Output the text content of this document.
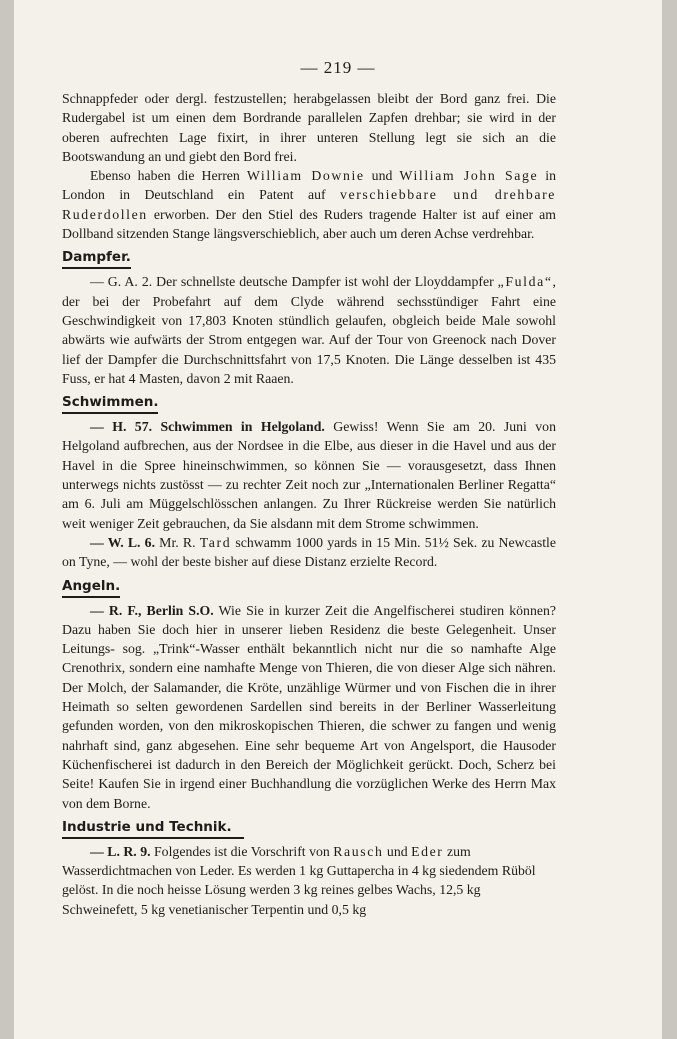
— 219 —

Schnappfeder oder dergl. festzustellen; herabgelassen bleibt der Bord ganz frei. Die Rudergabel ist um einen dem Bordrande parallelen Zapfen drehbar; sie wird in der oberen aufrechten Lage fixirt, in ihrer unteren Stellung legt sie sich an die Bootswandung an und giebt den Bord frei.

Ebenso haben die Herren William Downie und William John Sage in London in Deutschland ein Patent auf verschiebbare und drehbare Ruderdollen erworben. Der den Stiel des Ruders tragende Halter ist auf einer am Dollband sitzenden Stange längsverschieblich, aber auch um deren Achse verdrehbar.

Dampfer.

— G. A. 2. Der schnellste deutsche Dampfer ist wohl der Lloyddampfer „Fulda“, der bei der Probefahrt auf dem Clyde während sechsstündiger Fahrt eine Geschwindigkeit von 17,803 Knoten stündlich gelaufen, obgleich beide Male sowohl abwärts wie aufwärts der Strom entgegen war. Auf der Tour von Greenock nach Dover lief der Dampfer die Durchschnittsfahrt von 17,5 Knoten. Die Länge desselben ist 435 Fuss, er hat 4 Masten, davon 2 mit Raaen.

Schwimmen.

— H. 57. Schwimmen in Helgoland. Gewiss! Wenn Sie am 20. Juni von Helgoland aufbrechen, aus der Nordsee in die Elbe, aus dieser in die Havel und aus der Havel in die Spree hineinschwimmen, so können Sie — vorausgesetzt, dass Ihnen unterwegs nichts zustösst — zu rechter Zeit noch zur „Internationalen Berliner Regatta“ am 6. Juli am Müggelschlösschen anlangen. Zu Ihrer Rückreise werden Sie natürlich weit weniger Zeit gebrauchen, da Sie alsdann mit dem Strome schwimmen.

— W. L. 6. Mr. R. Tard schwamm 1000 yards in 15 Min. 51½ Sek. zu Newcastle on Tyne, — wohl der beste bisher auf diese Distanz erzielte Record.

Angeln.

— R. F., Berlin S.O. Wie Sie in kurzer Zeit die Angelfischerei studiren können? Dazu haben Sie doch hier in unserer lieben Residenz die beste Gelegenheit. Unser Leitungs- sog. „Trink“-Wasser enthält bekanntlich nicht nur die so namhafte Alge Crenothrix, sondern eine namhafte Menge von Thieren, die von dieser Alge sich nähren. Der Molch, der Salamander, die Kröte, unzählige Würmer und von Fischen die in ihrer Heimath so selten gewordenen Sardellen sind bereits in der Berliner Wasserleitung gefunden worden, von den mikroskopischen Thieren, die schwer zu fangen und wenig nahrhaft sind, ganz abgesehen. Eine sehr bequeme Art von Angelsport, die Hausoder Küchenfischerei ist dadurch in den Bereich der Möglichkeit gerückt. Doch, Scherz bei Seite! Kaufen Sie in irgend einer Buchhandlung die vorzüglichen Werke des Herrn Max von dem Borne.

Industrie und Technik.

— L. R. 9. Folgendes ist die Vorschrift von Rausch und Eder zum Wasserdichtmachen von Leder. Es werden 1 kg Guttapercha in 4 kg siedendem Rüböl gelöst. In die noch heisse Lösung werden 3 kg reines gelbes Wachs, 12,5 kg Schweinefett, 5 kg venetianischer Terpentin und 0,5 kg
